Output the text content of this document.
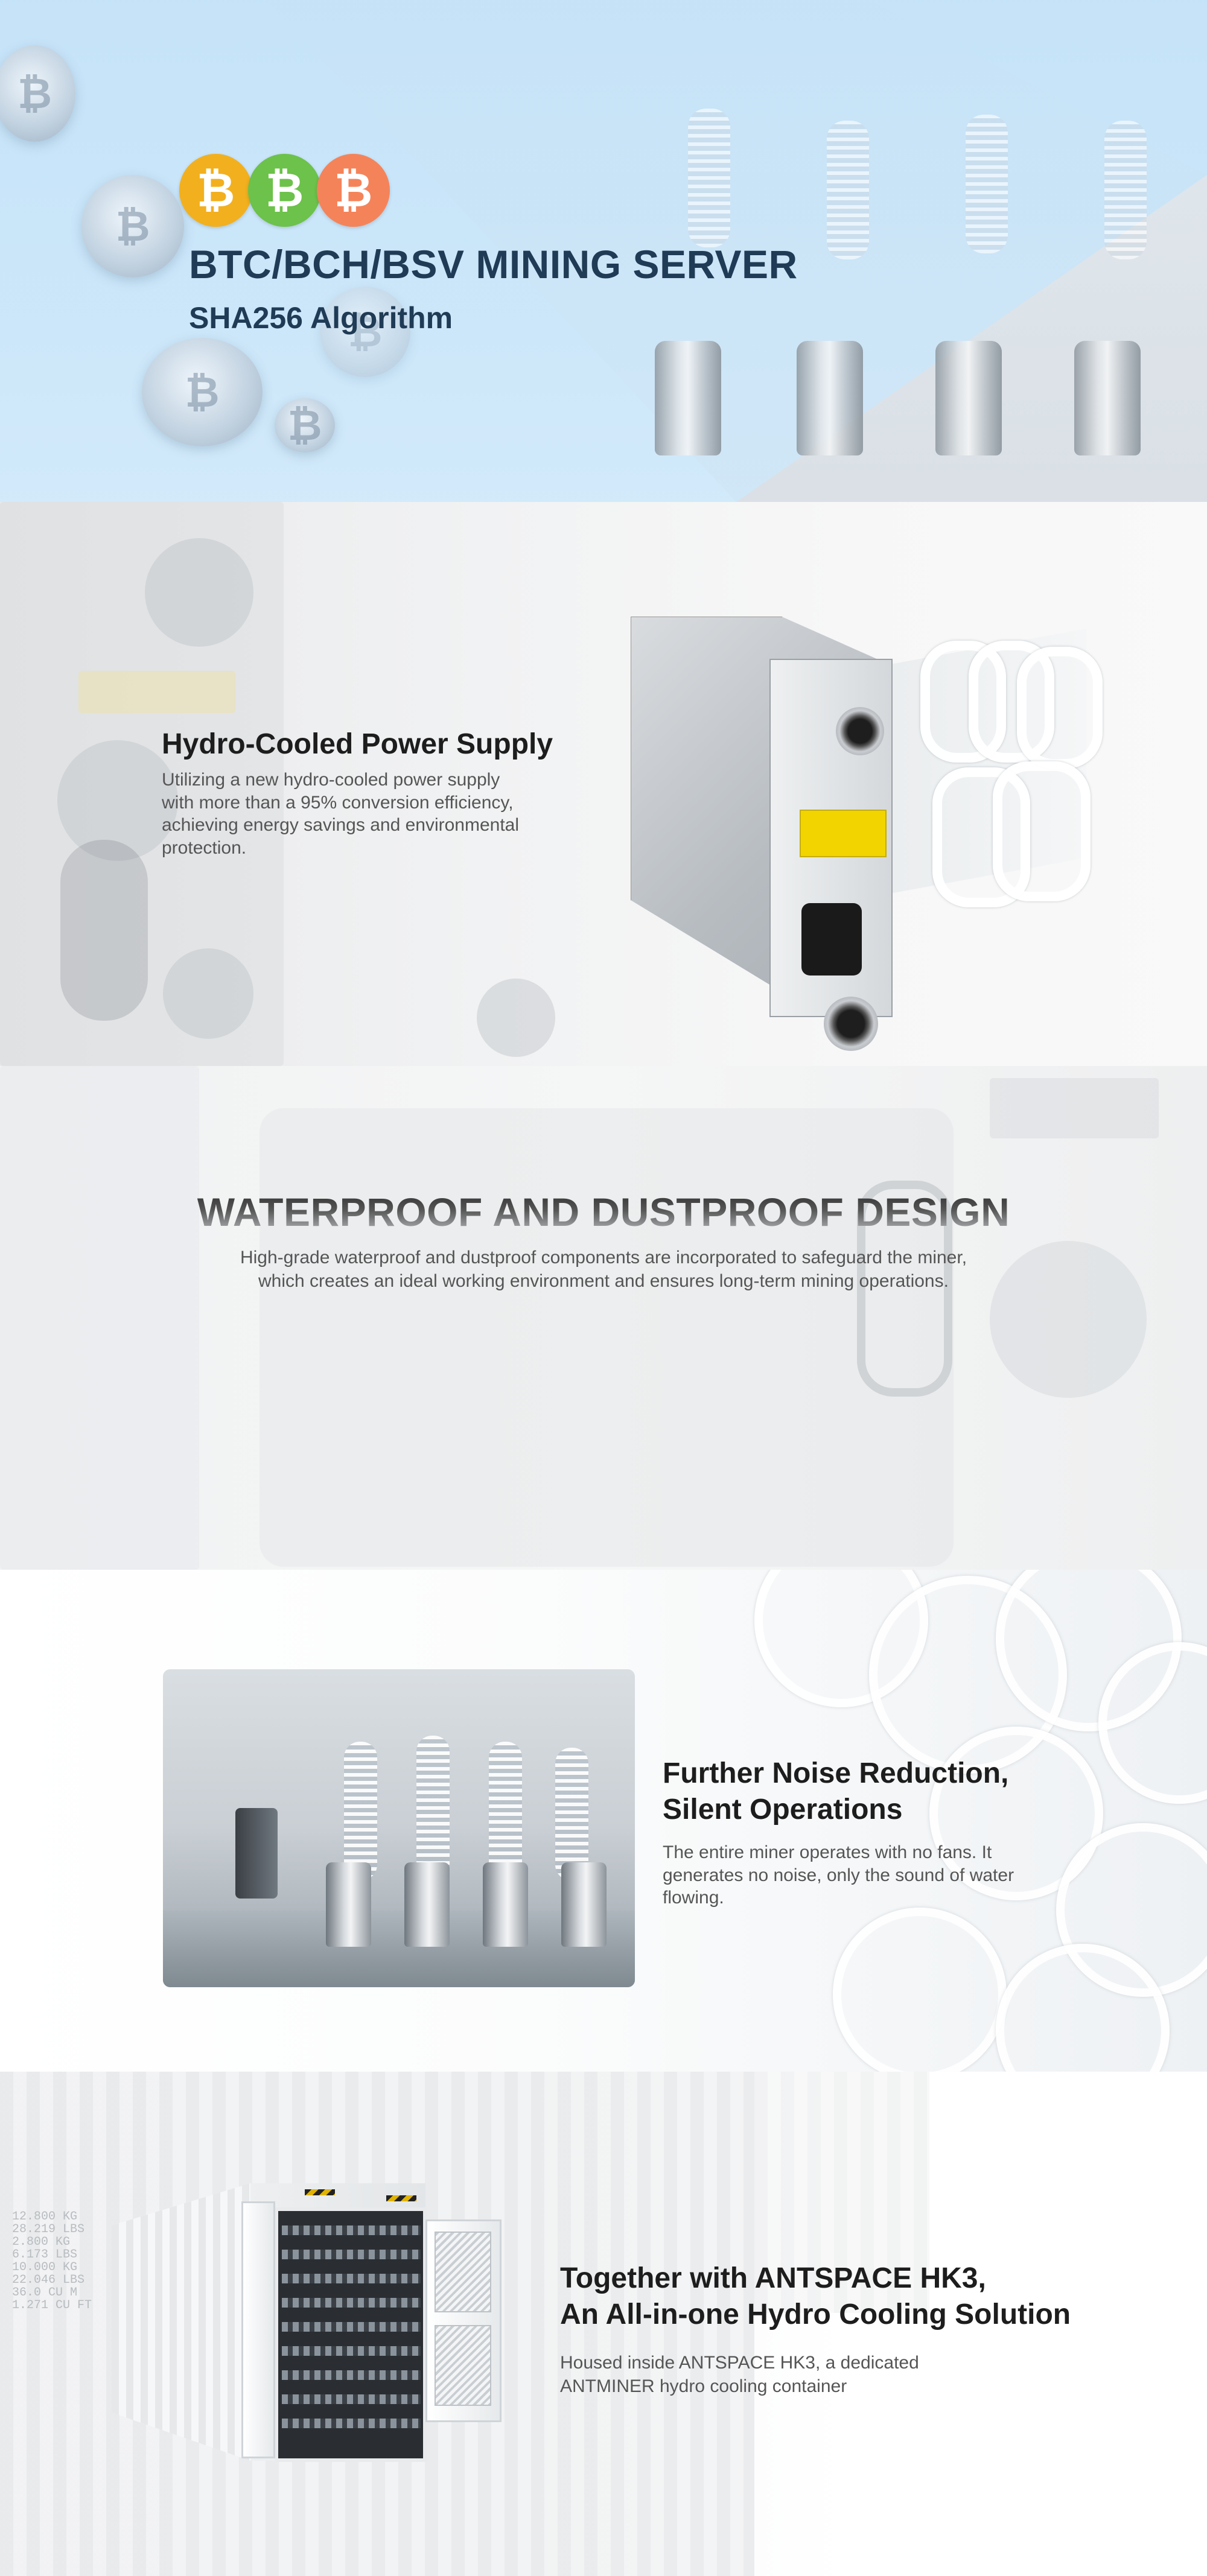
₿
₿
₿
₿
₿
₿ ₿ ₿
BTC/BCH/BSV MINING SERVER
SHA256 Algorithm
Hydro-Cooled Power Supply
Utilizing a new hydro-cooled power supply
with more than a 95% conversion efficiency,
achieving energy savings and environmental
protection.
WATERPROOF AND DUSTPROOF DESIGN
High-grade waterproof and dustproof components are incorporated to safeguard the miner,
which creates an ideal working environment and ensures long-term mining operations.
Further Noise Reduction,
Silent Operations
The entire miner operates with no fans. It
generates no noise, only the sound of water
flowing.
12.800 KG
28.219 LBS
2.800 KG
6.173 LBS
10.000 KG
22.046 LBS
36.0 CU M
1.271 CU FT
Together with ANTSPACE HK3,
An All-in-one Hydro Cooling Solution
Housed inside ANTSPACE HK3, a dedicated
ANTMINER hydro cooling container
